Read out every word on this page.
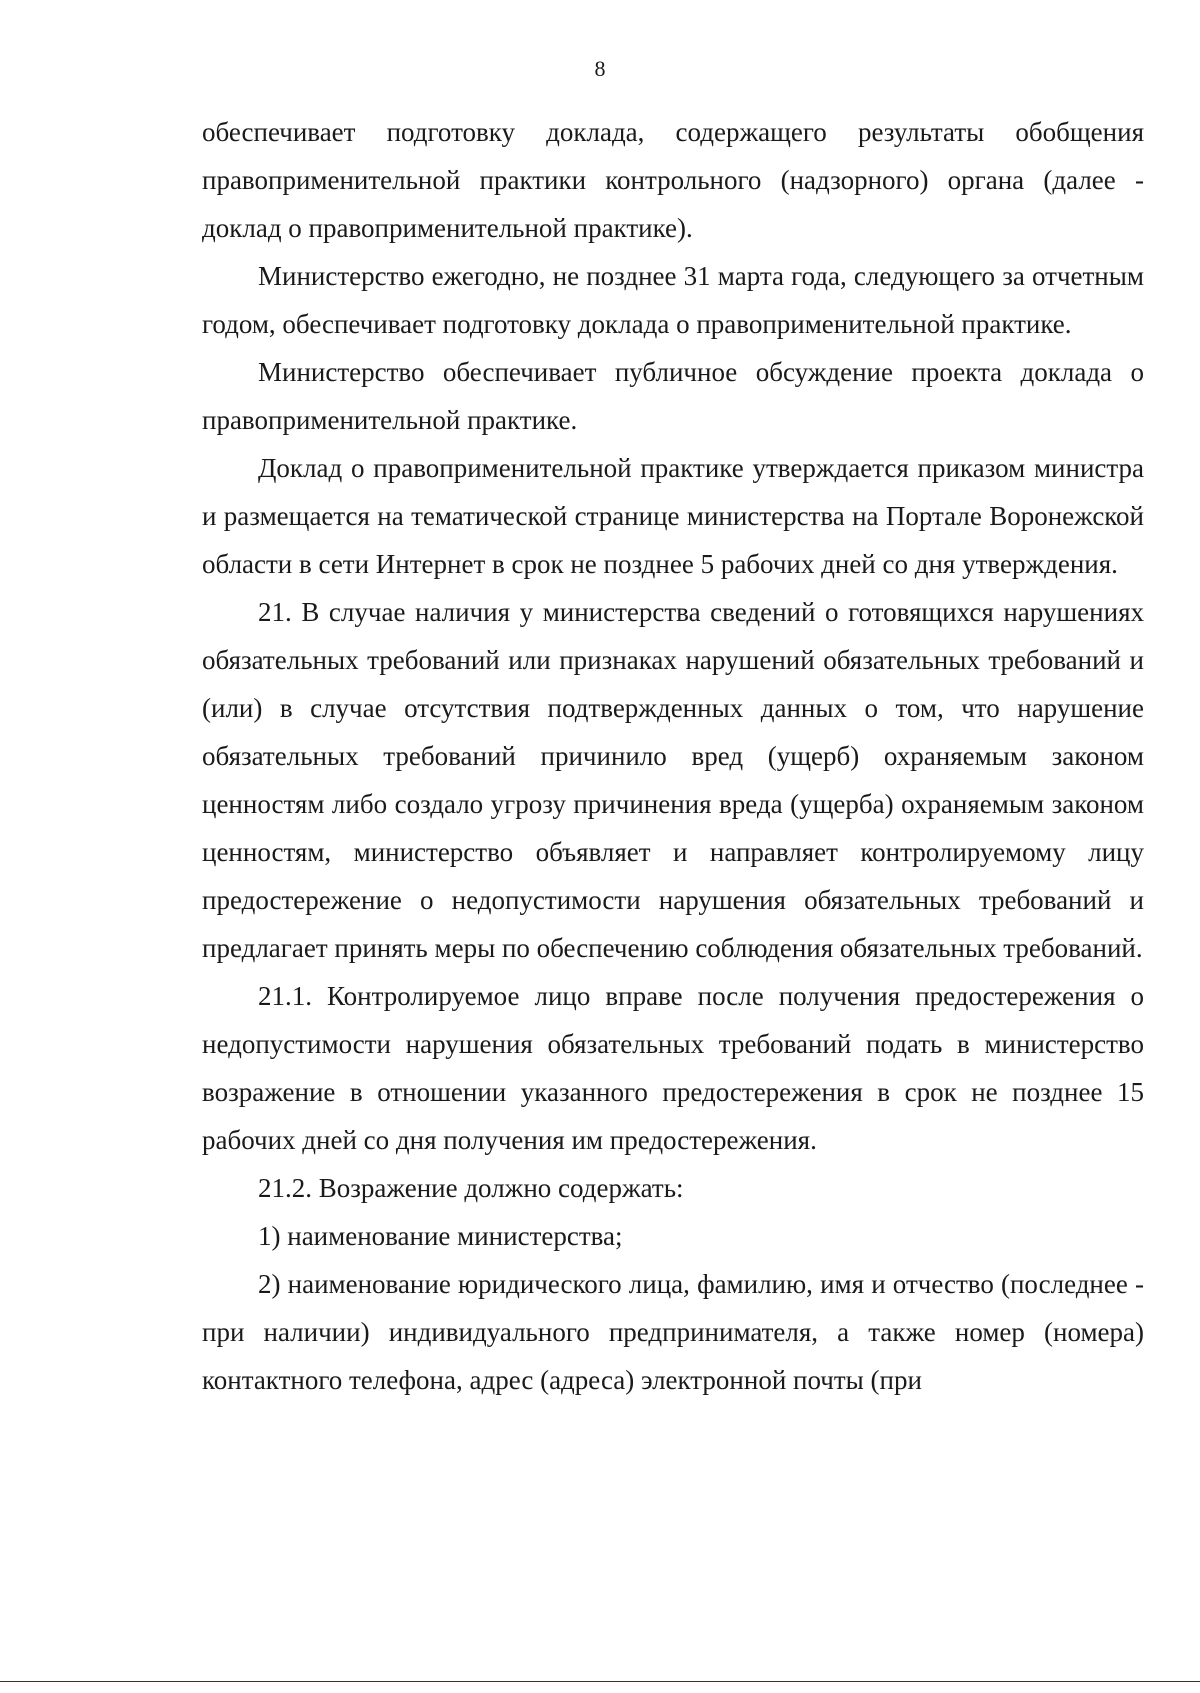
8

обеспечивает подготовку доклада, содержащего результаты обобщения правоприменительной практики контрольного (надзорного) органа (далее - доклад о правоприменительной практике).

Министерство ежегодно, не позднее 31 марта года, следующего за отчетным годом, обеспечивает подготовку доклада о правоприменительной практике.

Министерство обеспечивает публичное обсуждение проекта доклада о правоприменительной практике.

Доклад о правоприменительной практике утверждается приказом министра и размещается на тематической странице министерства на Портале Воронежской области в сети Интернет в срок не позднее 5 рабочих дней со дня утверждения.

21. В случае наличия у министерства сведений о готовящихся нарушениях обязательных требований или признаках нарушений обязательных требований и (или) в случае отсутствия подтвержденных данных о том, что нарушение обязательных требований причинило вред (ущерб) охраняемым законом ценностям либо создало угрозу причинения вреда (ущерба) охраняемым законом ценностям, министерство объявляет и направляет контролируемому лицу предостережение о недопустимости нарушения обязательных требований и предлагает принять меры по обеспечению соблюдения обязательных требований.

21.1. Контролируемое лицо вправе после получения предостережения о недопустимости нарушения обязательных требований подать в министерство возражение в отношении указанного предостережения в срок не позднее 15 рабочих дней со дня получения им предостережения.

21.2. Возражение должно содержать:

1) наименование министерства;

2) наименование юридического лица, фамилию, имя и отчество (последнее - при наличии) индивидуального предпринимателя, а также номер (номера) контактного телефона, адрес (адреса) электронной почты (при
